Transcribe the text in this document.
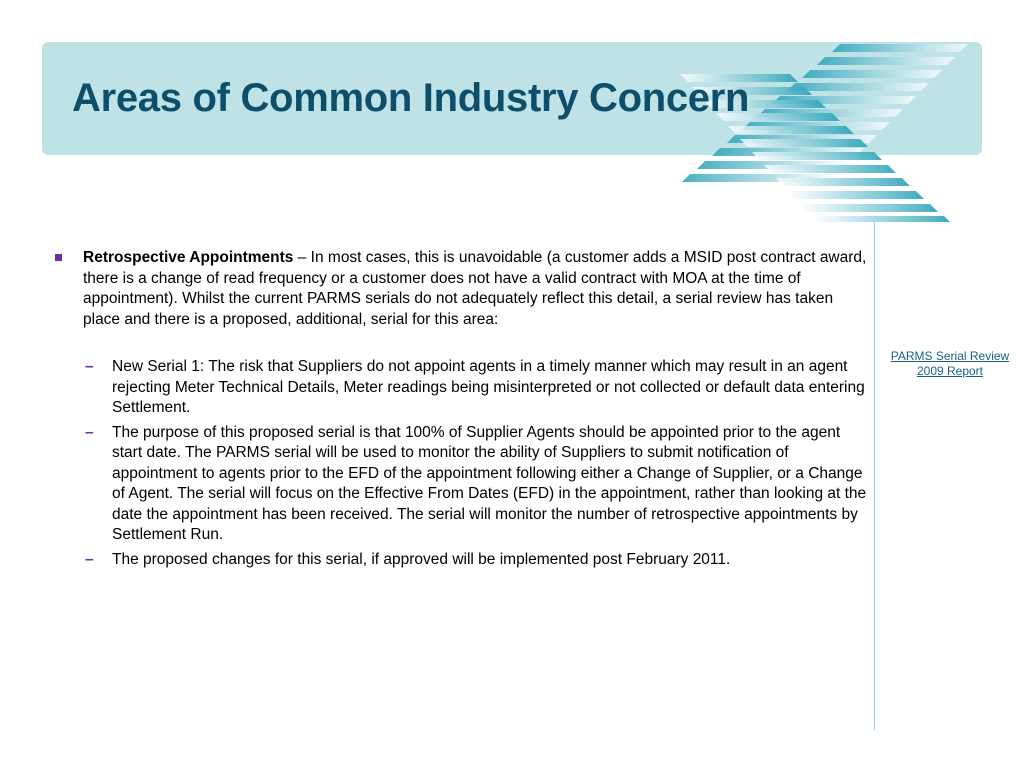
Areas of Common Industry Concern
PARMS Serial Review
2009 Report
Retrospective Appointments – In most cases, this is unavoidable (a customer adds a MSID post contract award, there is a change of read frequency or a customer does not have a valid contract with MOA at the time of appointment). Whilst the current PARMS serials do not adequately reflect this detail, a serial review has taken place and there is a proposed, additional, serial for this area:
– New Serial 1: The risk that Suppliers do not appoint agents in a timely manner which may result in an agent rejecting Meter Technical Details, Meter readings being misinterpreted or not collected or default data entering Settlement.
– The purpose of this proposed serial is that 100% of Supplier Agents should be appointed prior to the agent start date. The PARMS serial will be used to monitor the ability of Suppliers to submit notification of appointment to agents prior to the EFD of the appointment following either a Change of Supplier, or a Change of Agent. The serial will focus on the Effective From Dates (EFD) in the appointment, rather than looking at the date the appointment has been received. The serial will monitor the number of retrospective appointments by Settlement Run.
– The proposed changes for this serial, if approved will be implemented post February 2011.
